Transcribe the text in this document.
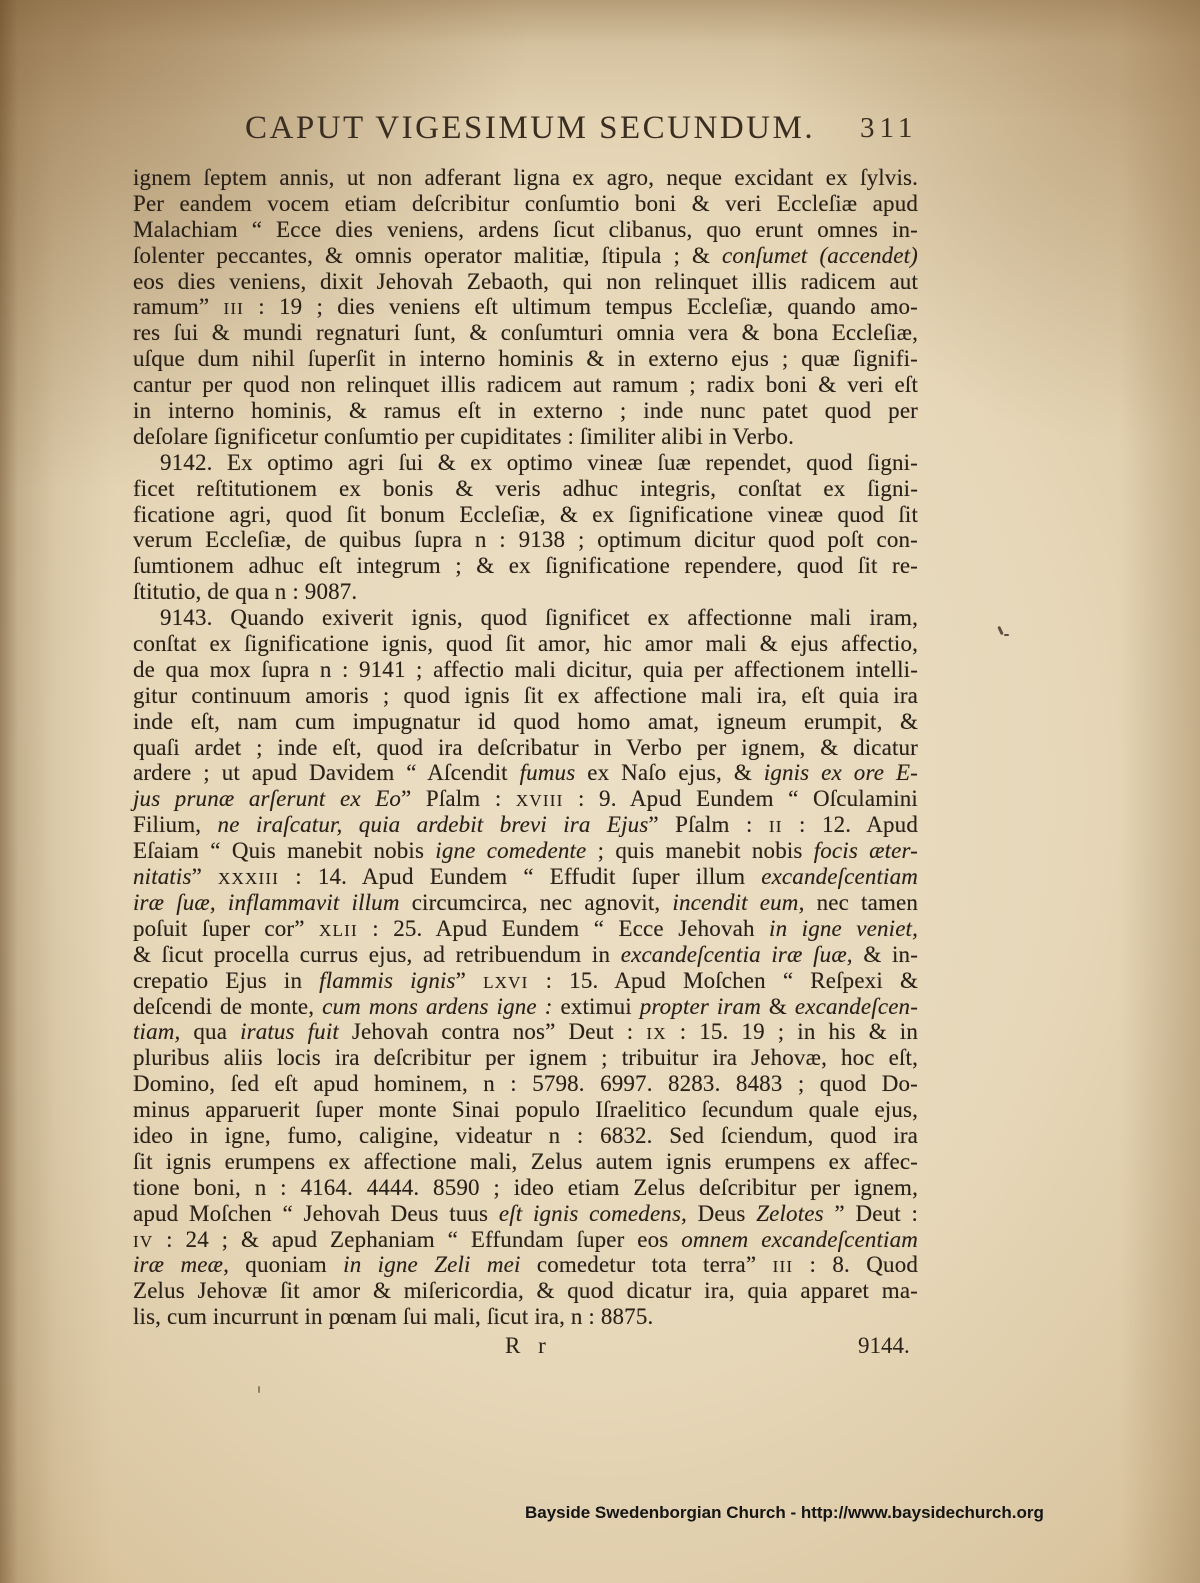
CAPUT VIGESIMUM SECUNDUM. 311
ignem ſeptem annis, ut non adferant ligna ex agro, neque excidant ex ſylvis.
Per eandem vocem etiam deſcribitur conſumtio boni & veri Eccleſiæ apud
Malachiam “ Ecce dies veniens, ardens ſicut clibanus, quo erunt omnes in-
ſolenter peccantes, & omnis operator malitiæ, ſtipula ; & conſumet (accendet)
eos dies veniens, dixit Jehovah Zebaoth, qui non relinquet illis radicem aut
ramum” III : 19 ; dies veniens eſt ultimum tempus Eccleſiæ, quando amo-
res ſui & mundi regnaturi ſunt, & conſumturi omnia vera & bona Eccleſiæ,
uſque dum nihil ſuperſit in interno hominis & in externo ejus ; quæ ſignifi-
cantur per quod non relinquet illis radicem aut ramum ; radix boni & veri eſt
in interno hominis, & ramus eſt in externo ; inde nunc patet quod per
deſolare ſignificetur conſumtio per cupiditates : ſimiliter alibi in Verbo.
9142. Ex optimo agri ſui & ex optimo vineæ ſuæ rependet, quod ſigni-
ficet reſtitutionem ex bonis & veris adhuc integris, conſtat ex ſigni-
ficatione agri, quod ſit bonum Eccleſiæ, & ex ſignificatione vineæ quod ſit
verum Eccleſiæ, de quibus ſupra n : 9138 ; optimum dicitur quod poſt con-
ſumtionem adhuc eſt integrum ; & ex ſignificatione rependere, quod ſit re-
ſtitutio, de qua n : 9087.
9143. Quando exiverit ignis, quod ſignificet ex affectionne mali iram,
conſtat ex ſignificatione ignis, quod ſit amor, hic amor mali & ejus affectio,
de qua mox ſupra n : 9141 ; affectio mali dicitur, quia per affectionem intelli-
gitur continuum amoris ; quod ignis ſit ex affectione mali ira, eſt quia ira
inde eſt, nam cum impugnatur id quod homo amat, igneum erumpit, &
quaſi ardet ; inde eſt, quod ira deſcribatur in Verbo per ignem, & dicatur
ardere ; ut apud Davidem “ Aſcendit fumus ex Naſo ejus, & ignis ex ore E-
jus prunæ arſerunt ex Eo” Pſalm : XVIII : 9. Apud Eundem “ Oſculamini
Filium, ne iraſcatur, quia ardebit brevi ira Ejus” Pſalm : II : 12. Apud
Eſaiam “ Quis manebit nobis igne comedente ; quis manebit nobis focis æter-
nitatis” XXXIII : 14. Apud Eundem “ Effudit ſuper illum excandeſcentiam
iræ ſuæ, inflammavit illum circumcirca, nec agnovit, incendit eum, nec tamen
poſuit ſuper cor” XLII : 25. Apud Eundem “ Ecce Jehovah in igne veniet,
& ſicut procella currus ejus, ad retribuendum in excandeſcentia iræ ſuæ, & in-
crepatio Ejus in flammis ignis” LXVI : 15. Apud Moſchen “ Reſpexi &
deſcendi de monte, cum mons ardens igne : extimui propter iram & excandeſcen-
tiam, qua iratus fuit Jehovah contra nos” Deut : IX : 15. 19 ; in his & in
pluribus aliis locis ira deſcribitur per ignem ; tribuitur ira Jehovæ, hoc eſt,
Domino, ſed eſt apud hominem, n : 5798. 6997. 8283. 8483 ; quod Do-
minus apparuerit ſuper monte Sinai populo Iſraelitico ſecundum quale ejus,
ideo in igne, fumo, caligine, videatur n : 6832. Sed ſciendum, quod ira
ſit ignis erumpens ex affectione mali, Zelus autem ignis erumpens ex affec-
tione boni, n : 4164. 4444. 8590 ; ideo etiam Zelus deſcribitur per ignem,
apud Moſchen “ Jehovah Deus tuus eſt ignis comedens, Deus Zelotes ” Deut :
IV : 24 ; & apud Zephaniam “ Effundam ſuper eos omnem excandeſcentiam
iræ meæ, quoniam in igne Zeli mei comedetur tota terra” III : 8. Quod
Zelus Jehovæ ſit amor & miſericordia, & quod dicatur ira, quia apparet ma-
lis, cum incurrunt in pœnam ſui mali, ſicut ira, n : 8875.
R r	9144.
Bayside Swedenborgian Church - http://www.baysidechurch.org
